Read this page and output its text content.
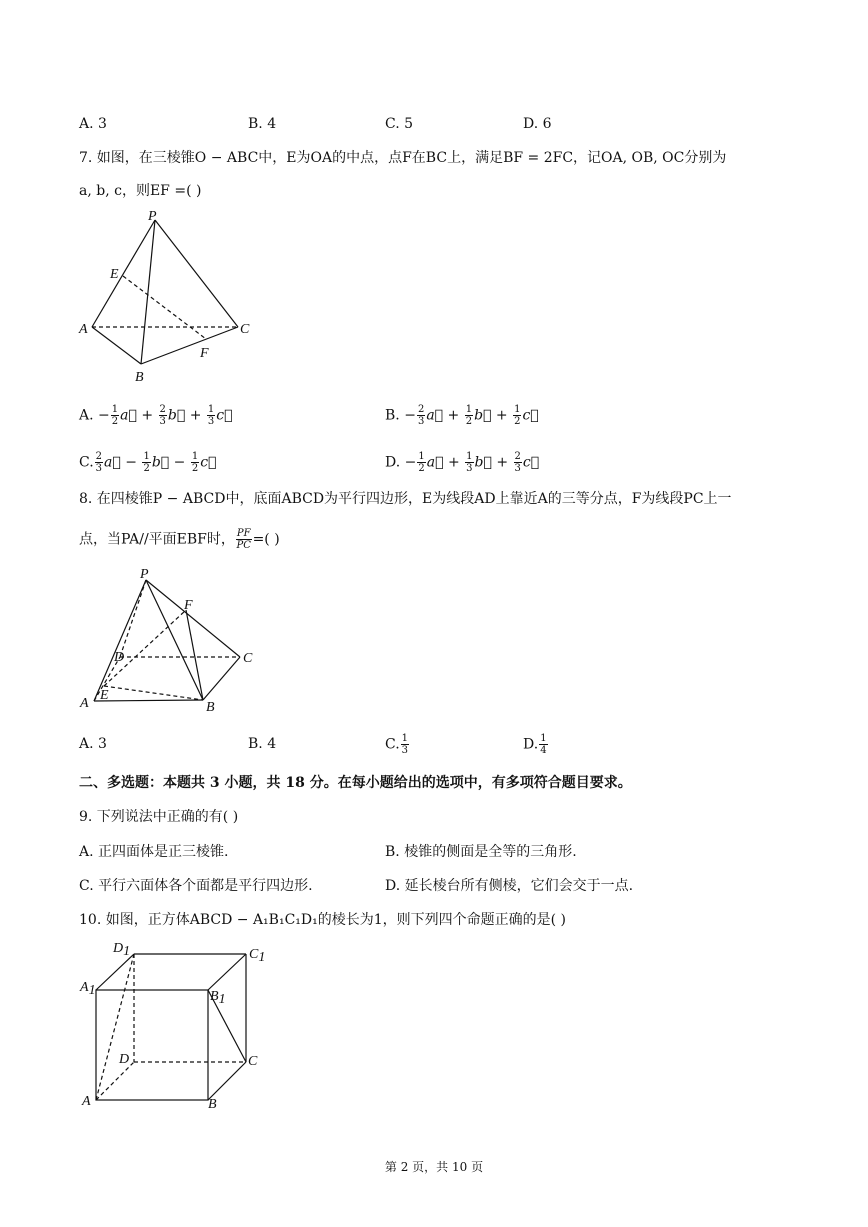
A. 3	B. 4	C. 5	D. 6
7. 如图，在三棱锥O − ABC中，E为OA的中点，点F在BC上，满足BF = 2FC，记OA, OB, OC分别为
a, b, c，则EF =( )
P
E
A	C
F
B
A. − $\frac{1}{2}$ a⃗ + $\frac{2}{3}$ b⃗ + $\frac{1}{3}$ c⃗	B. − $\frac{2}{3}$ a⃗ + $\frac{1}{2}$ b⃗ + $\frac{1}{2}$ c⃗
C. $\frac{2}{3}$ a⃗ − $\frac{1}{2}$ b⃗ − $\frac{1}{2}$ c⃗	D. − $\frac{1}{2}$ a⃗ + $\frac{1}{3}$ b⃗ + $\frac{2}{3}$ c⃗
8. 在四棱锥P − ABCD中，底面ABCD为平行四边形，E为线段AD上靠近A的三等分点，F为线段PC上一
点，当PA//平面EBF时， $\frac{PF}{PC}$ =( )
P
F
D	C
A
E
B
A. 3	B. 4	C. $\frac{1}{3}$	D. $\frac{1}{4}$
二、多选题：本题共 3 小题，共 18 分。在每小题给出的选项中，有多项符合题目要求。
9. 下列说法中正确的有( )
A. 正四面体是正三棱锥.	B. 棱锥的侧面是全等的三角形.
C. 平行六面体各个面都是平行四边形.	D. 延长棱台所有侧棱，它们会交于一点.
10. 如图，正方体ABCD − A₁B₁C₁D₁的棱长为1，则下列四个命题正确的是( )
D1	C1
A1	B1
D	C
A	B
第 2 页，共 10 页
